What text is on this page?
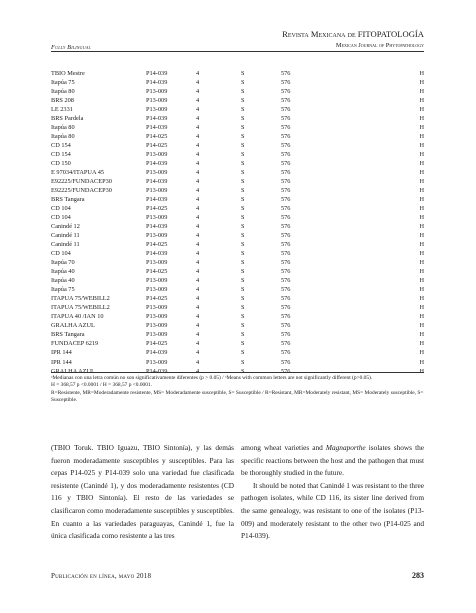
Fully Bilingual
Revista Mexicana de FITOPATOLOGÍA
Mexican Journal of Phytopathology
TBIO Mestre	P14-039	4	S	576	H
Itapúa 75	P14-039	4	S	576	H
Itapúa 80	P13-009	4	S	576	H
BRS 208	P13-009	4	S	576	H
LE 2331	P13-009	4	S	576	H
BRS Pardela	P14-039	4	S	576	H
Itapúa 80	P14-039	4	S	576	H
Itapúa 80	P14-025	4	S	576	H
CD 154	P14-025	4	S	576	H
CD 154	P13-009	4	S	576	H
CD 150	P14-039	4	S	576	H
E 97034/ITAPUA 45	P13-009	4	S	576	H
E92225/FUNDACEP30	P14-039	4	S	576	H
E92225/FUNDACEP30	P13-009	4	S	576	H
BRS Tangara	P14-039	4	S	576	H
CD 104	P14-025	4	S	576	H
CD 104	P13-009	4	S	576	H
Canindé 12	P14-039	4	S	576	H
Canindé 11	P13-009	4	S	576	H
Canindé 11	P14-025	4	S	576	H
CD 104	P14-039	4	S	576	H
Itapúa 70	P13-009	4	S	576	H
Itapúa 40	P14-025	4	S	576	H
Itapúa 40	P13-009	4	S	576	H
Itapúa 75	P13-009	4	S	576	H
ITAPUA 75/WEBILL2	P14-025	4	S	576	H
ITAPUA 75/WEBILL2	P13-009	4	S	576	H
ITAPUA 40 /IAN 10	P13-009	4	S	576	H
GRALHA AZUL	P13-009	4	S	576	H
BRS Tangara	P13-009	4	S	576	H
FUNDACEP 6219	P14-025	4	S	576	H
IPR 144	P14-039	4	S	576	H
IPR 144	P13-009	4	S	576	H
GRALHA AZUL	P14-039	4	S	576	H

ᵃMedianas con una letra común no son significativamente diferentes (p > 0.05) / ᵃMeans with common letters are not significantly different (p>0.05).

H = 368,57 p <0.0001 / H = 368,57 p <0.0001.

R=Resistente, MR=Moderadamente resistente, MS= Moderadamente susceptible, S= Susceptible / R=Resistant, MR=Moderately resistant, MS= Moderately susceptible, S= Susceptible.

(TBIO Toruk. TBIO Iguazu, TBIO Sintonía), y las demás fueron moderadamente susceptibles y susceptibles. Para las cepas P14-025 y P14-039 solo una variedad fue clasificada resistente (Canindé 1), y dos moderadamente resistentes (CD 116 y TBIO Sintonía). El resto de las variedades se clasificaron como moderadamente susceptibles y susceptibles. En cuanto a las variedades paraguayas, Canindé 1, fue la única clasificada como resistente a las tres

among wheat varieties and Magnaporthe isolates shows the specific reactions between the host and the pathogen that must be thoroughly studied in the future.

It should be noted that Canindé 1 was resistant to the three pathogen isolates, while CD 116, its sister line derived from the same genealogy, was resistant to one of the isolates (P13-009) and moderately resistant to the other two (P14-025 and P14-039).

Publicación en línea, mayo 2018	283
